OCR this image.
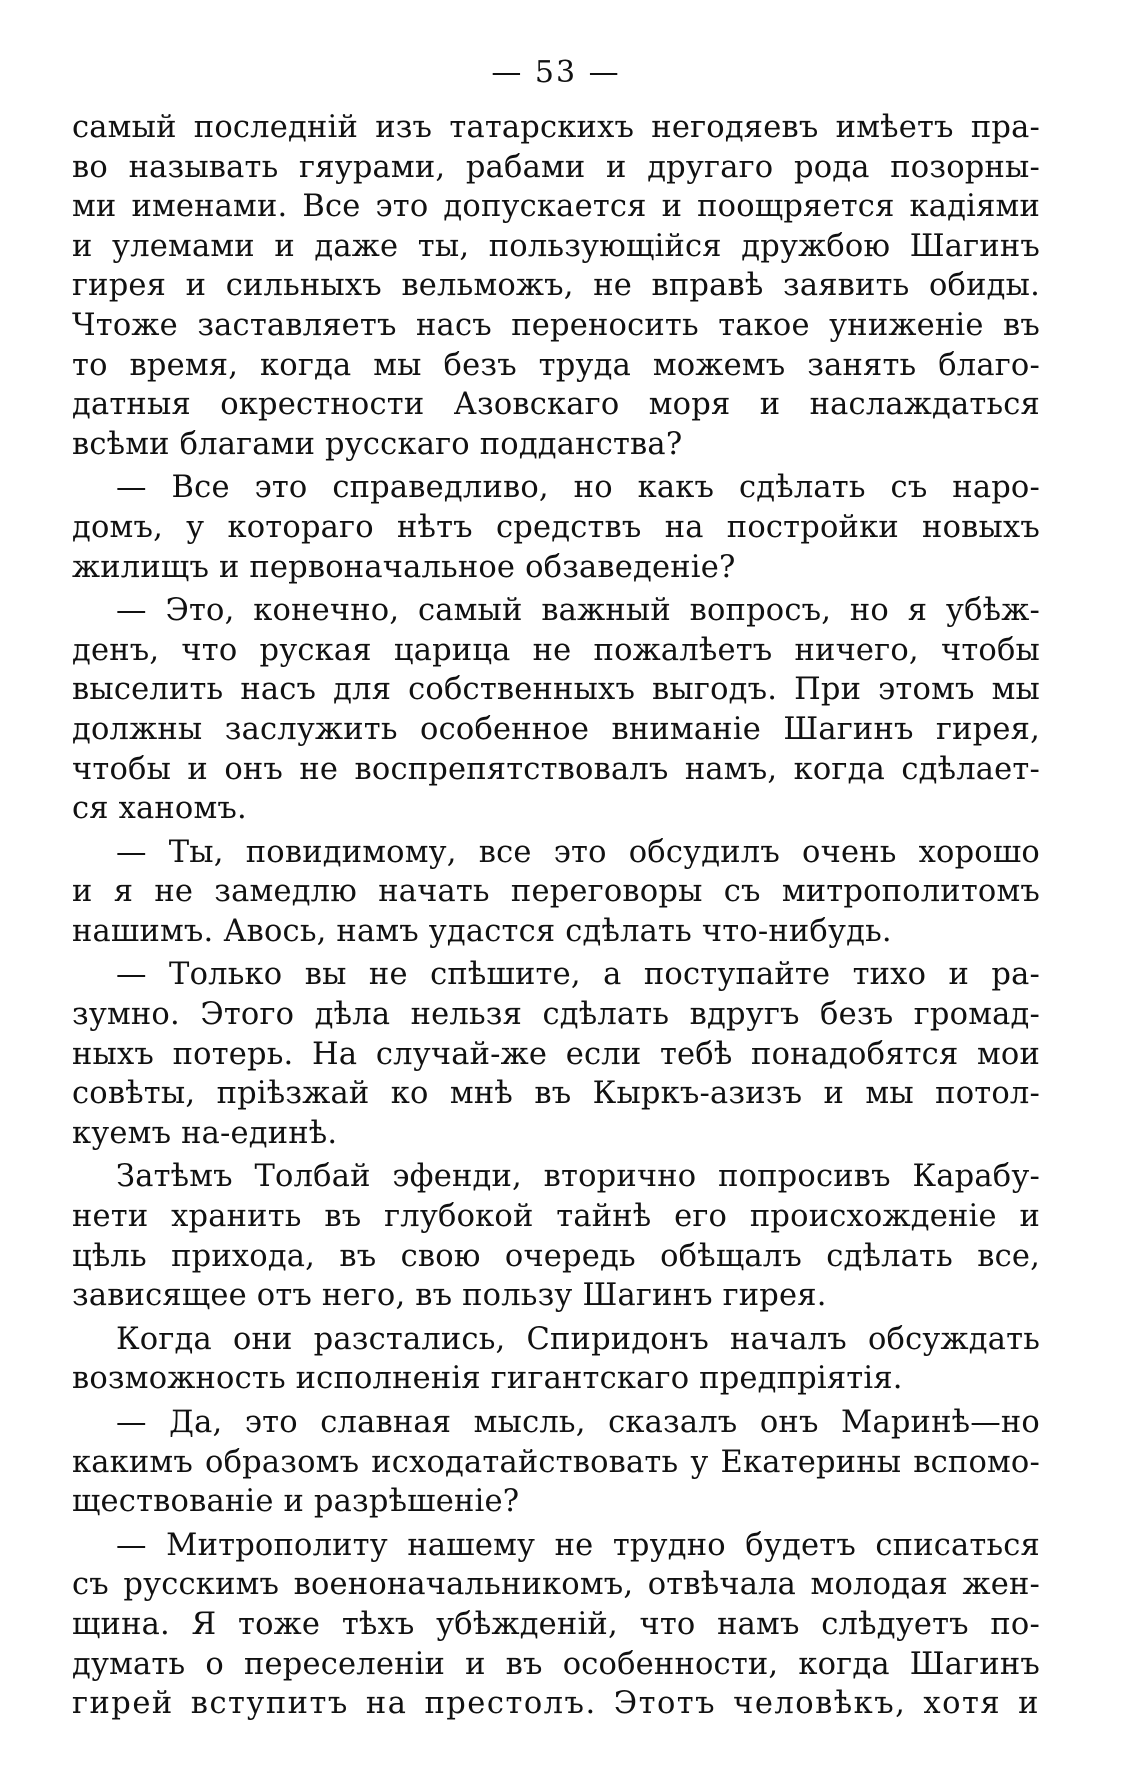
— 53 —
самый последнiй изъ татарскихъ негодяевъ имѣетъ пра-
во называть гяурами, рабами и другаго рода позорны-
ми именами. Все это допускается и поощряется кадiями
и улемами и даже ты, пользующiйся дружбою Шагинъ
гирея и сильныхъ вельможъ, не вправѣ заявить обиды.
Чтоже заставляетъ насъ переносить такое униженiе въ
то время, когда мы безъ труда можемъ занять благо-
датныя окрестности Азовскаго моря и наслаждаться
всѣми благами русскаго подданства?
— Все это справедливо, но какъ сдѣлать съ наро-
домъ, у котораго нѣтъ средствъ на постройки новыхъ
жилищъ и первоначальное обзаведенiе?
— Это, конечно, самый важный вопросъ, но я убѣж-
денъ, что руская царица не пожалѣетъ ничего, чтобы
выселить насъ для собственныхъ выгодъ. При этомъ мы
должны заслужить особенное вниманiе Шагинъ гирея,
чтобы и онъ не воспрепятствовалъ намъ, когда сдѣлает-
ся ханомъ.
— Ты, повидимому, все это обсудилъ очень хорошо
и я не замедлю начать переговоры съ митрополитомъ
нашимъ. Авось, намъ удастся сдѣлать что-нибудь.
— Только вы не спѣшите, а поступайте тихо и ра-
зумно. Этого дѣла нельзя сдѣлать вдругъ безъ громад-
ныхъ потерь. На случай-же если тебѣ понадобятся мои
совѣты, прiѣзжай ко мнѣ въ Кыркъ-азизъ и мы потол-
куемъ на-единѣ.
Затѣмъ Толбай эфенди, вторично попросивъ Карабу-
нети хранить въ глубокой тайнѣ его происхожденiе и
цѣль прихода, въ свою очередь обѣщалъ сдѣлать все,
зависящее отъ него, въ пользу Шагинъ гирея.
Когда они разстались, Спиридонъ началъ обсуждать
возможность исполненiя гигантскаго предпрiятiя.
— Да, это славная мысль, сказалъ онъ Маринѣ—но
какимъ образомъ исходатайствовать у Екатерины вспомо-
ществованiе и разрѣшенiе?
— Митрополиту нашему не трудно будетъ списаться
съ русскимъ военоначальникомъ, отвѣчала молодая жен-
щина. Я тоже тѣхъ убѣжденiй, что намъ слѣдуетъ по-
думать о переселенiи и въ особенности, когда Шагинъ
гирей вступитъ на престолъ. Этотъ человѣкъ, хотя и
